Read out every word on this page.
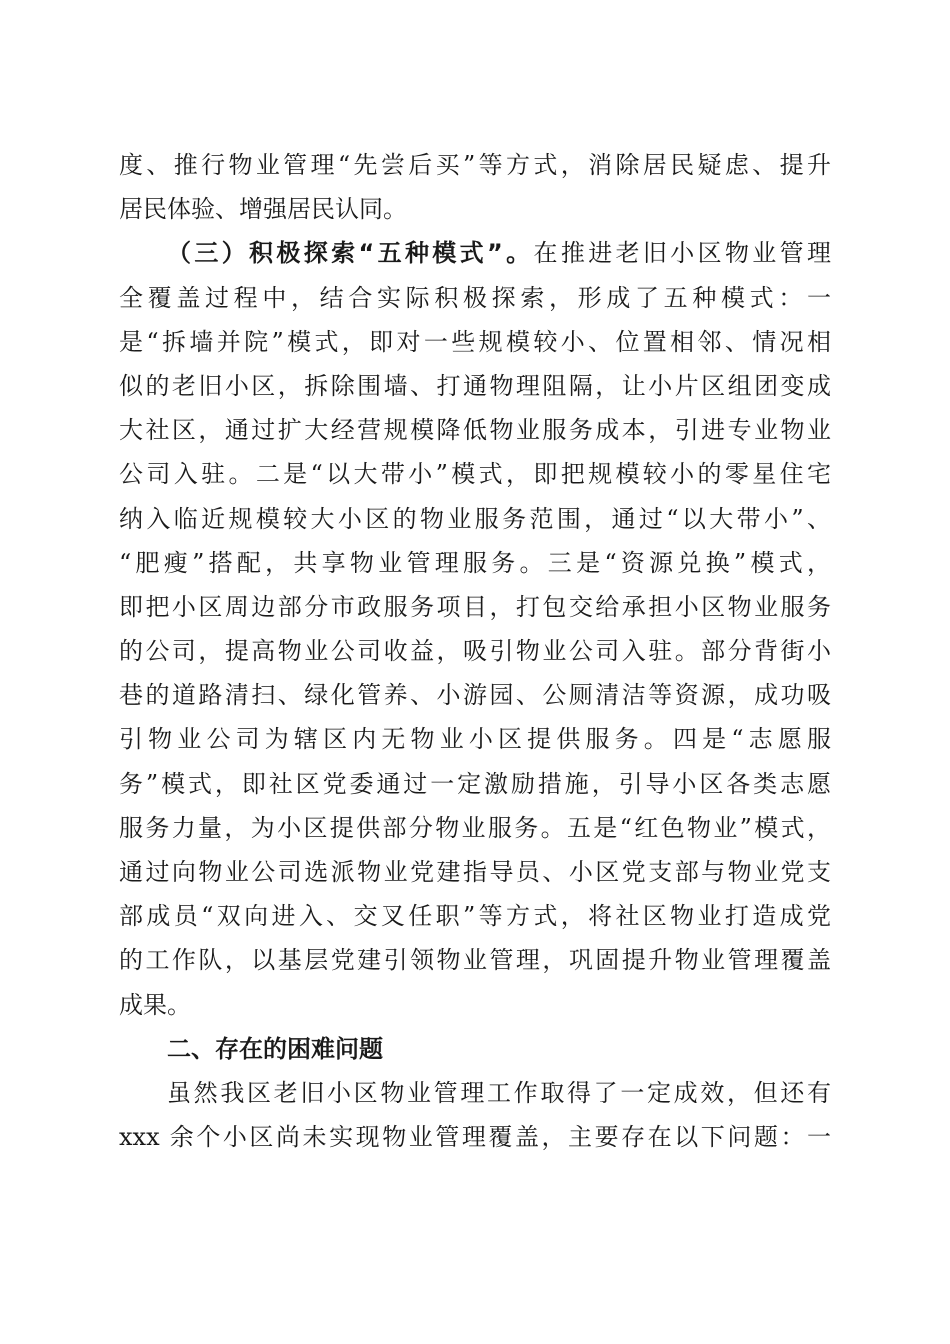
度、推行物业管理“先尝后买”等方式，消除居民疑虑、提升
居民体验、增强居民认同。
（三）积极探索“五种模式”。在推进老旧小区物业管理
全覆盖过程中，结合实际积极探索，形成了五种模式：一
是“拆墙并院”模式，即对一些规模较小、位置相邻、情况相
似的老旧小区，拆除围墙、打通物理阻隔，让小片区组团变成
大社区，通过扩大经营规模降低物业服务成本，引进专业物业
公司入驻。二是“以大带小”模式，即把规模较小的零星住宅
纳入临近规模较大小区的物业服务范围，通过“以大带小”、
“肥瘦”搭配，共享物业管理服务。三是“资源兑换”模式，
即把小区周边部分市政服务项目，打包交给承担小区物业服务
的公司，提高物业公司收益，吸引物业公司入驻。部分背街小
巷的道路清扫、绿化管养、小游园、公厕清洁等资源，成功吸
引物业公司为辖区内无物业小区提供服务。四是“志愿服
务”模式，即社区党委通过一定激励措施，引导小区各类志愿
服务力量，为小区提供部分物业服务。五是“红色物业”模式，
通过向物业公司选派物业党建指导员、小区党支部与物业党支
部成员“双向进入、交叉任职”等方式，将社区物业打造成党
的工作队，以基层党建引领物业管理，巩固提升物业管理覆盖
成果。
二、存在的困难问题
虽然我区老旧小区物业管理工作取得了一定成效，但还有
xxx 余个小区尚未实现物业管理覆盖，主要存在以下问题：一
